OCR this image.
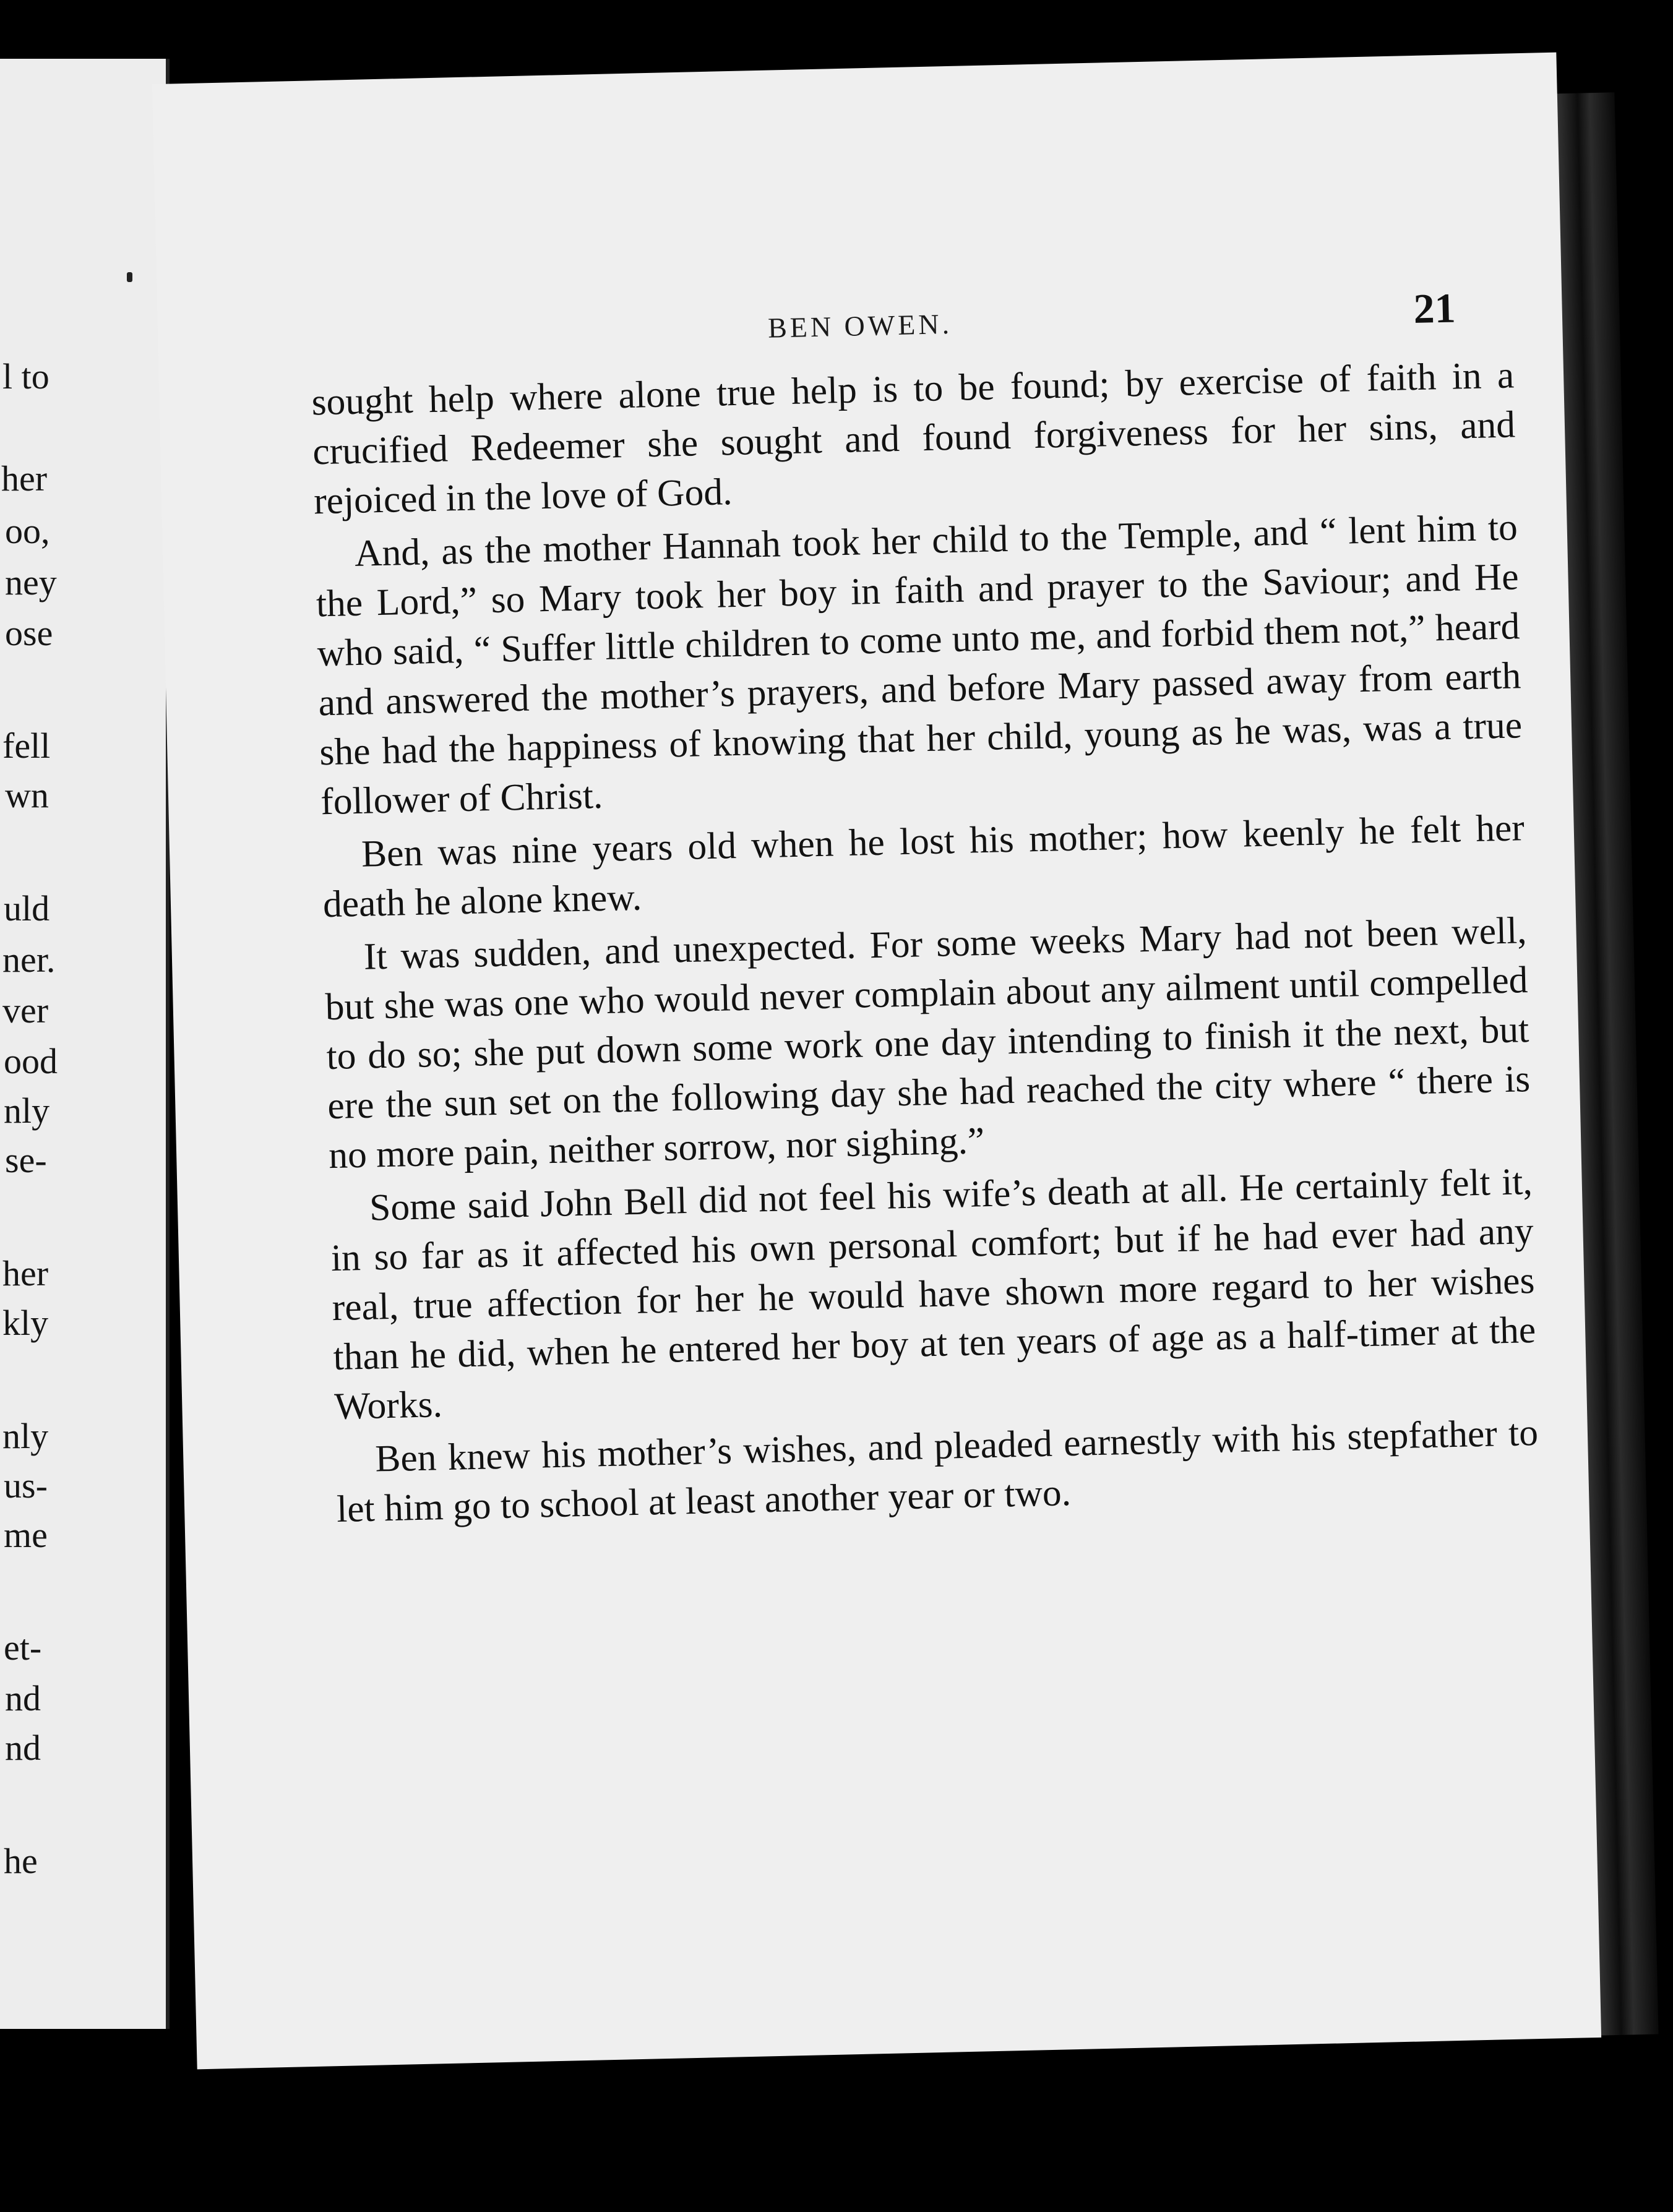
l to
her
oo,
ney
ose
fell
wn
uld
ner.
ver
ood
nly
se-
her
kly
nly
us-
me
et-
nd
nd
he
BEN OWEN.	21

sought help where alone true help is to be found; by exercise of faith in a crucified Redeemer she sought and found forgiveness for her sins, and rejoiced in the love of God.

And, as the mother Hannah took her child to the Temple, and “ lent him to the Lord,” so Mary took her boy in faith and prayer to the Saviour; and He who said, “ Suffer little children to come unto me, and forbid them not,” heard and answered the mother’s prayers, and before Mary passed away from earth she had the happiness of knowing that her child, young as he was, was a true follower of Christ.

Ben was nine years old when he lost his mother; how keenly he felt her death he alone knew.

It was sudden, and unexpected. For some weeks Mary had not been well, but she was one who would never complain about any ailment until compelled to do so; she put down some work one day intending to finish it the next, but ere the sun set on the following day she had reached the city where “ there is no more pain, neither sorrow, nor sighing.”

Some said John Bell did not feel his wife’s death at all. He certainly felt it, in so far as it affected his own personal comfort; but if he had ever had any real, true affection for her he would have shown more regard to her wishes than he did, when he entered her boy at ten years of age as a half-timer at the Works.

Ben knew his mother’s wishes, and pleaded earnestly with his stepfather to let him go to school at least another year or two.
